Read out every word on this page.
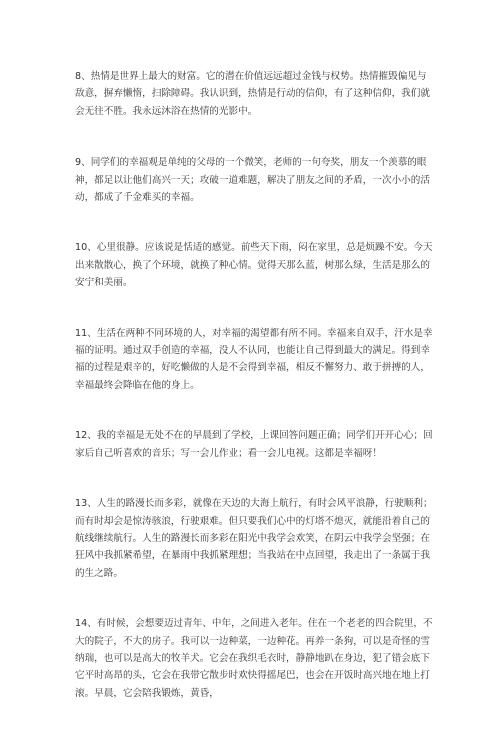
8、热情是世界上最大的财富。它的潜在价值远远超过金钱与权势。热情摧毁偏见与敌意，摒弃懒惰，扫除障碍。我认识到，热情是行动的信仰，有了这种信仰，我们就会无往不胜。我永远沐浴在热情的光影中。

9、同学们的幸福观是单纯的父母的一个微笑，老师的一句夸奖，朋友一个羡慕的眼神，都足以让他们高兴一天；攻破一道难题，解决了朋友之间的矛盾，一次小小的活动，都成了千金难买的幸福。

10、心里很静。应该说是恬适的感觉。前些天下雨，闷在家里，总是烦躁不安。今天出来散散心，换了个环境，就换了种心情。觉得天那么蓝，树那么绿，生活是那么的安宁和美丽。

11、生活在两种不同环境的人，对幸福的渴望都有所不同。幸福来自双手，汗水是幸福的证明。通过双手创造的幸福，没人不认同，也能让自己得到最大的满足。得到幸福的过程是艰辛的，好吃懒做的人是不会得到幸福，相反不懈努力、敢于拼搏的人，幸福最终会降临在他的身上。

12、我的幸福是无处不在的早晨到了学校，上课回答问题正确；同学们开开心心；回家后自己听喜欢的音乐；写一会儿作业；看一会儿电视。这都是幸福呀！

13、人生的路漫长而多彩，就像在天边的大海上航行，有时会风平浪静，行驶顺利；而有时却会是惊涛骇浪，行驶艰难。但只要我们心中的灯塔不熄灭，就能沿着自己的航线继续航行。人生的路漫长而多彩在阳光中我学会欢笑，在阴云中我学会坚强；在狂风中我抓紧希望，在暴雨中我抓紧理想；当我站在中点回望，我走出了一条属于我的生之路。

14、有时候，会想要迈过青年、中年，之间进入老年。住在一个老老的四合院里，不大的院子，不大的房子。我可以一边种菜，一边种花。再养一条狗，可以是奇怪的雪纳瑞，也可以是高大的牧羊犬。它会在我织毛衣时，静静地趴在身边，犯了错会底下它平时高昂的头，它会在我带它散步时欢快得摇尾巴，也会在开饭时高兴地在地上打滚。早晨，它会陪我锻炼，黄昏，
